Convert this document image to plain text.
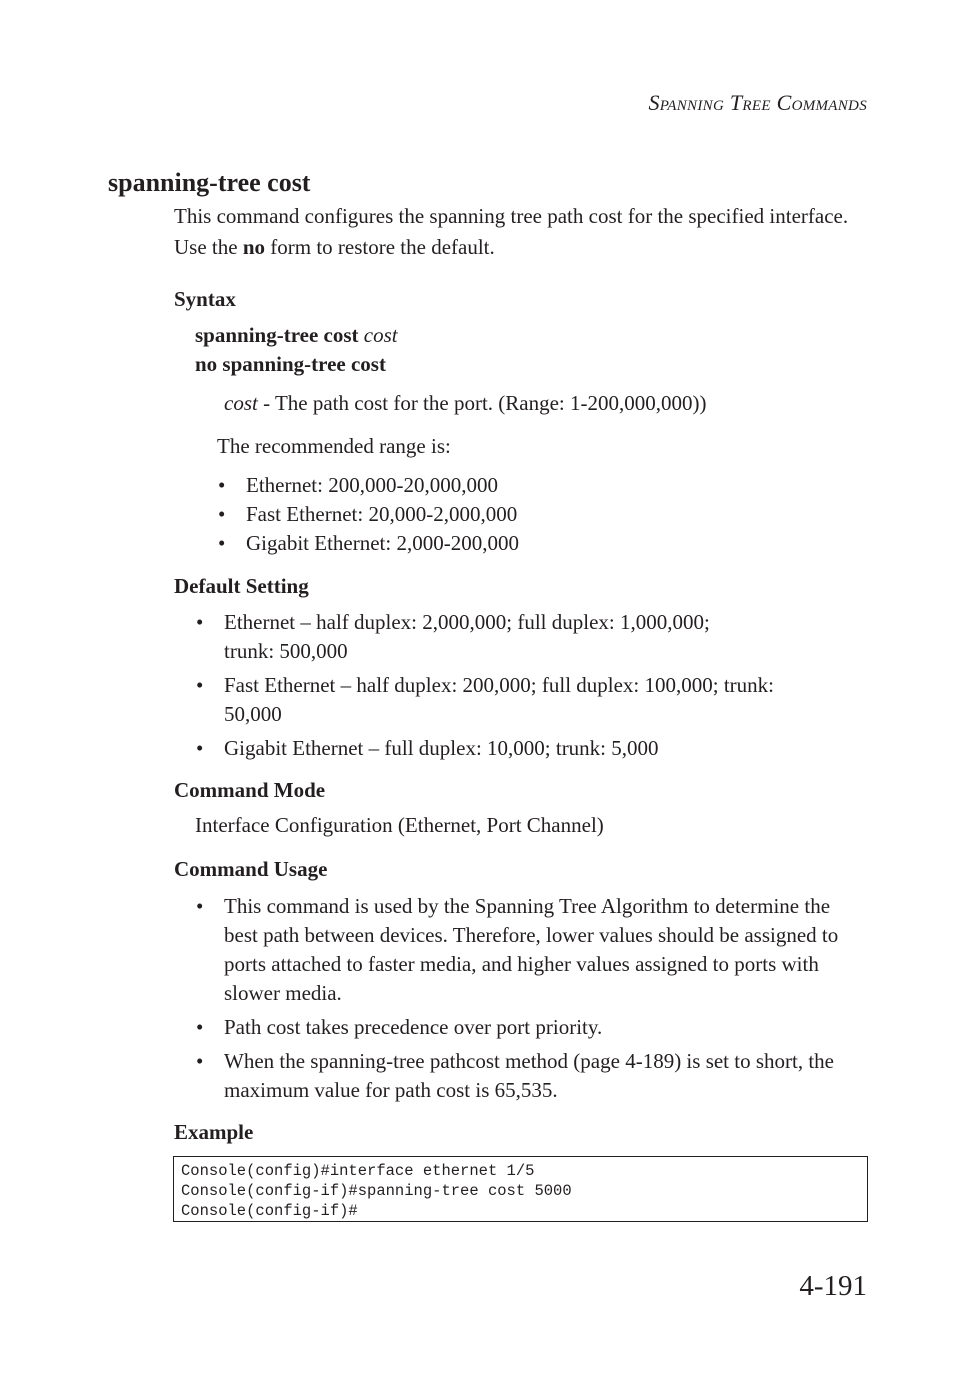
Spanning Tree Commands
spanning-tree cost
This command configures the spanning tree path cost for the specified interface. Use the no form to restore the default.
Syntax
spanning-tree cost cost
no spanning-tree cost
cost - The path cost for the port. (Range: 1-200,000,000))
The recommended range is:
• Ethernet: 200,000-20,000,000
• Fast Ethernet: 20,000-2,000,000
• Gigabit Ethernet: 2,000-200,000
Default Setting
• Ethernet – half duplex: 2,000,000; full duplex: 1,000,000; trunk: 500,000
• Fast Ethernet – half duplex: 200,000; full duplex: 100,000; trunk: 50,000
• Gigabit Ethernet – full duplex: 10,000; trunk: 5,000
Command Mode
Interface Configuration (Ethernet, Port Channel)
Command Usage
• This command is used by the Spanning Tree Algorithm to determine the best path between devices. Therefore, lower values should be assigned to ports attached to faster media, and higher values assigned to ports with slower media.
• Path cost takes precedence over port priority.
• When the spanning-tree pathcost method (page 4-189) is set to short, the maximum value for path cost is 65,535.
Example
Console(config)#interface ethernet 1/5
Console(config-if)#spanning-tree cost 5000
Console(config-if)#
4-191
